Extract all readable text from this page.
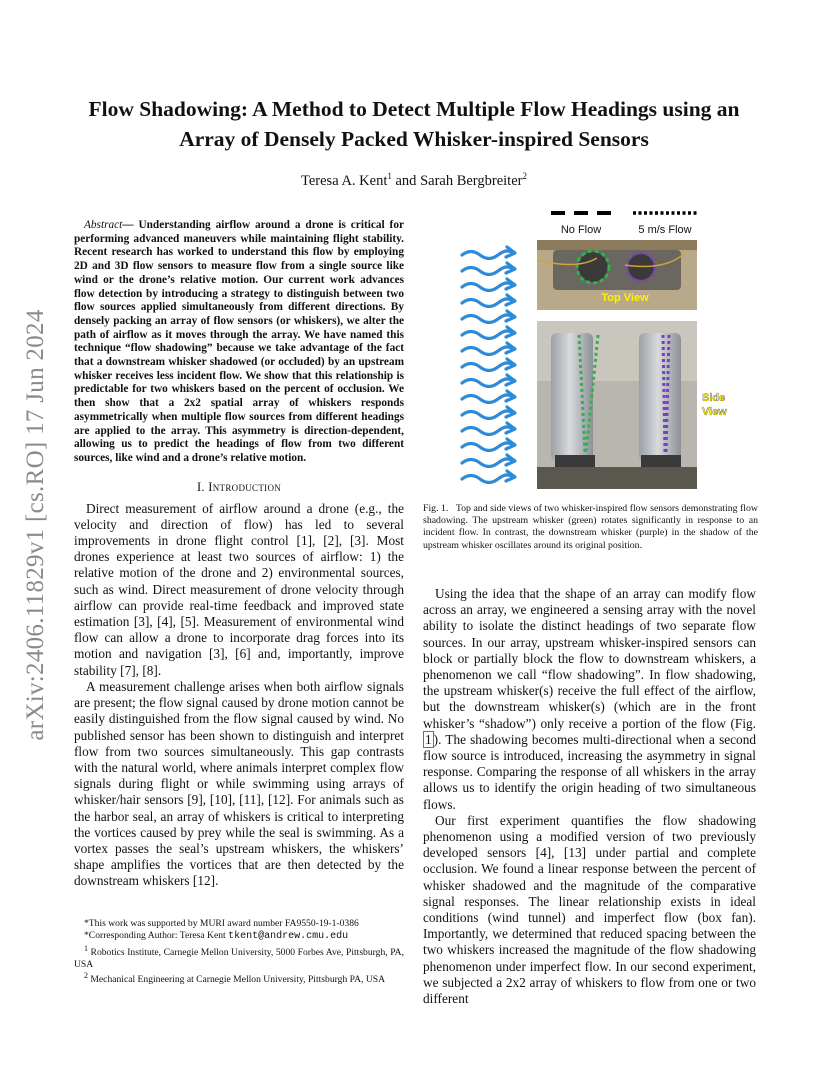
arXiv:2406.11829v1 [cs.RO] 17 Jun 2024
Flow Shadowing: A Method to Detect Multiple Flow Headings using an Array of Densely Packed Whisker-inspired Sensors

Teresa A. Kent$^1$ and Sarah Bergbreiter$^2$

Abstract— Understanding airflow around a drone is critical for performing advanced maneuvers while maintaining flight stability. Recent research has worked to understand this flow by employing 2D and 3D flow sensors to measure flow from a single source like wind or the drone’s relative motion. Our current work advances flow detection by introducing a strategy to distinguish between two flow sources applied simultaneously from different directions. By densely packing an array of flow sensors (or whiskers), we alter the path of airflow as it moves through the array. We have named this technique “flow shadowing” because we take advantage of the fact that a downstream whisker shadowed (or occluded) by an upstream whisker receives less incident flow. We show that this relationship is predictable for two whiskers based on the percent of occlusion. We then show that a 2x2 spatial array of whiskers responds asymmetrically when multiple flow sources from different headings are applied to the array. This asymmetry is direction-dependent, allowing us to predict the headings of flow from two different sources, like wind and a drone’s relative motion.

I. Introduction

Direct measurement of airflow around a drone (e.g., the velocity and direction of flow) has led to several improvements in drone flight control [1], [2], [3]. Most drones experience at least two sources of airflow: 1) the relative motion of the drone and 2) environmental sources, such as wind. Direct measurement of drone velocity through airflow can provide real-time feedback and improved state estimation [3], [4], [5]. Measurement of environmental wind flow can allow a drone to incorporate drag forces into its motion and navigation [3], [6] and, importantly, improve stability [7], [8].

A measurement challenge arises when both airflow signals are present; the flow signal caused by drone motion cannot be easily distinguished from the flow signal caused by wind. No published sensor has been shown to distinguish and interpret flow from two sources simultaneously. This gap contrasts with the natural world, where animals interpret complex flow signals during flight or while swimming using arrays of whisker/hair sensors [9], [10], [11], [12]. For animals such as the harbor seal, an array of whiskers is critical to interpreting the vortices caused by prey while the seal is swimming. As a vortex passes the seal’s upstream whiskers, the whiskers’ shape amplifies the vortices that are then detected by the downstream whiskers [12].

*This work was supported by MURI award number FA9550-19-1-0386

*Corresponding Author: Teresa Kent tkent@andrew.cmu.edu

$^1$ Robotics Institute, Carnegie Mellon University, 5000 Forbes Ave, Pittsburgh, PA, USA

$^2$ Mechanical Engineering at Carnegie Mellon University, Pittsburgh PA, USA

No Flow	5 m/s Flow
Top View
Side
View

Fig. 1. Top and side views of two whisker-inspired flow sensors demonstrating flow shadowing. The upstream whisker (green) rotates significantly in response to an incident flow. In contrast, the downstream whisker (purple) in the shadow of the upstream whisker oscillates around its original position.

Using the idea that the shape of an array can modify flow across an array, we engineered a sensing array with the novel ability to isolate the distinct headings of two separate flow sources. In our array, upstream whisker-inspired sensors can block or partially block the flow to downstream whiskers, a phenomenon we call “flow shadowing”. In flow shadowing, the upstream whisker(s) receive the full effect of the airflow, but the downstream whisker(s) (which are in the front whisker’s “shadow”) only receive a portion of the flow (Fig. 1 ). The shadowing becomes multi-directional when a second flow source is introduced, increasing the asymmetry in signal response. Comparing the response of all whiskers in the array allows us to identify the origin heading of two simultaneous flows.

Our first experiment quantifies the flow shadowing phenomenon using a modified version of two previously developed sensors [4], [13] under partial and complete occlusion. We found a linear response between the percent of whisker shadowed and the magnitude of the comparative signal responses. The linear relationship exists in ideal conditions (wind tunnel) and imperfect flow (box fan). Importantly, we determined that reduced spacing between the two whiskers increased the magnitude of the flow shadowing phenomenon under imperfect flow. In our second experiment, we subjected a 2x2 array of whiskers to flow from one or two different
